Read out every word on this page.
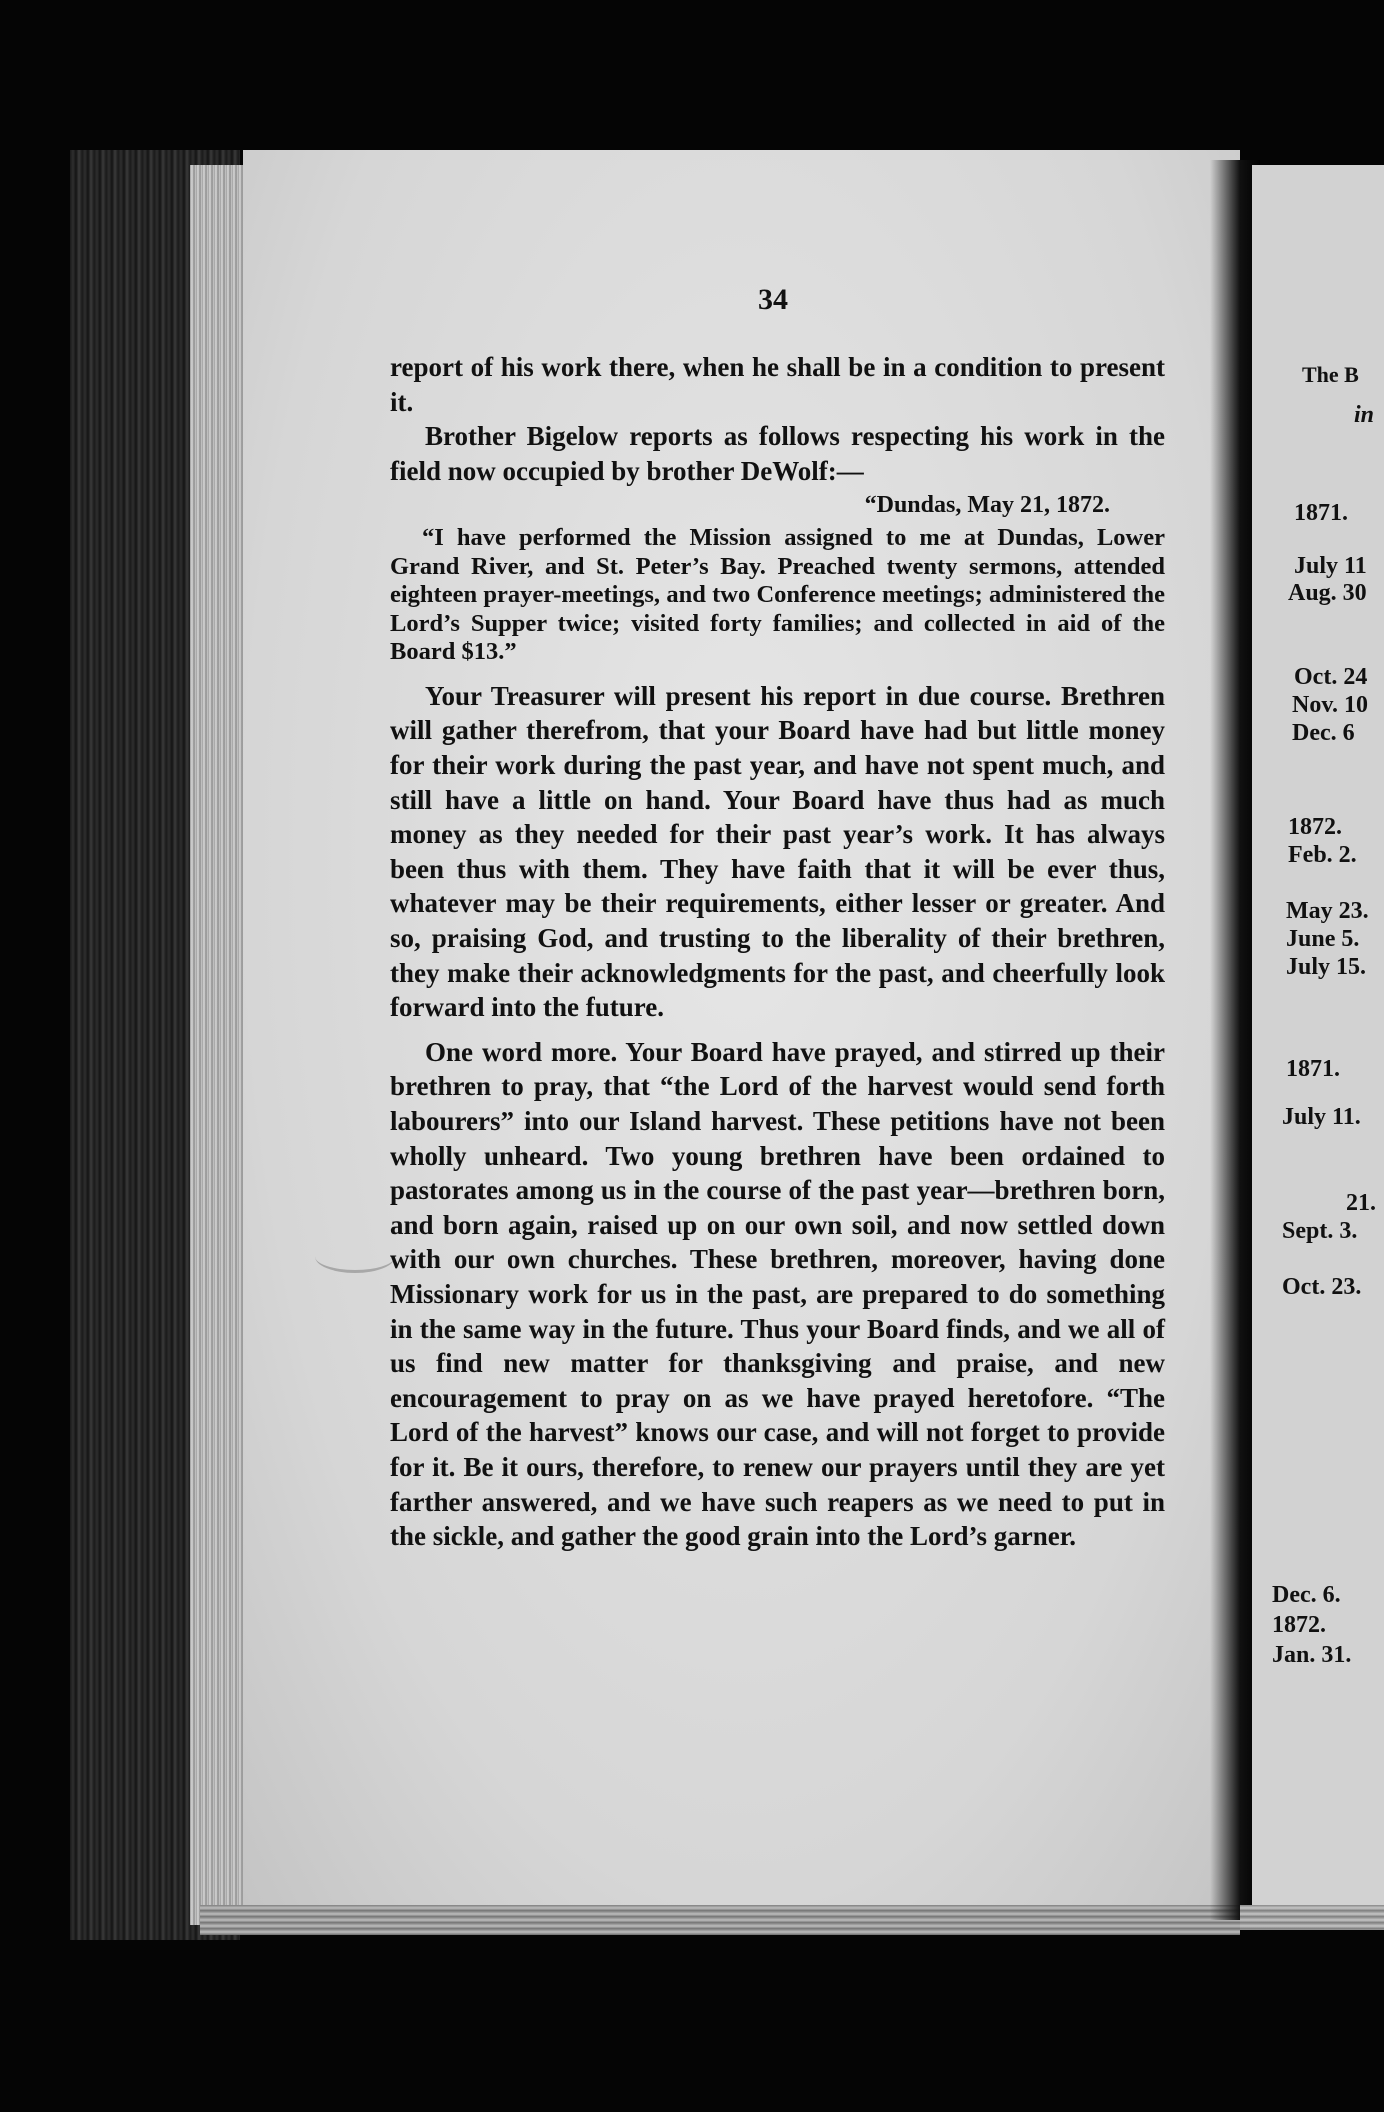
34

report of his work there, when he shall be in a condition to present it.

Brother Bigelow reports as follows respecting his work in the field now occupied by brother DeWolf:—

“Dundas, May 21, 1872.

“I have performed the Mission assigned to me at Dundas, Lower Grand River, and St. Peter’s Bay. Preached twenty sermons, attended eighteen prayer-meetings, and two Conference meetings; administered the Lord’s Supper twice; visited forty families; and collected in aid of the Board $13.”

Your Treasurer will present his report in due course. Brethren will gather therefrom, that your Board have had but little money for their work during the past year, and have not spent much, and still have a little on hand. Your Board have thus had as much money as they needed for their past year’s work. It has always been thus with them. They have faith that it will be ever thus, whatever may be their requirements, either lesser or greater. And so, praising God, and trusting to the liberality of their brethren, they make their acknowledgments for the past, and cheerfully look forward into the future.

One word more. Your Board have prayed, and stirred up their brethren to pray, that “the Lord of the harvest would send forth labourers” into our Island harvest. These petitions have not been wholly unheard. Two young brethren have been ordained to pastorates among us in the course of the past year—brethren born, and born again, raised up on our own soil, and now settled down with our own churches. These brethren, moreover, having done Missionary work for us in the past, are prepared to do something in the same way in the future. Thus your Board finds, and we all of us find new matter for thanksgiving and praise, and new encouragement to pray on as we have prayed heretofore. “The Lord of the harvest” knows our case, and will not forget to provide for it. Be it ours, therefore, to renew our prayers until they are yet farther answered, and we have such reapers as we need to put in the sickle, and gather the good grain into the Lord’s garner.

The B
in
1871.
July 11
Aug. 30
Oct. 24
Nov. 10
Dec. 6
1872.
Feb. 2.
May 23.
June 5.
July 15.
1871.
July 11.
21.
Sept. 3.
Oct. 23.
Dec. 6.
1872.
Jan. 31.
